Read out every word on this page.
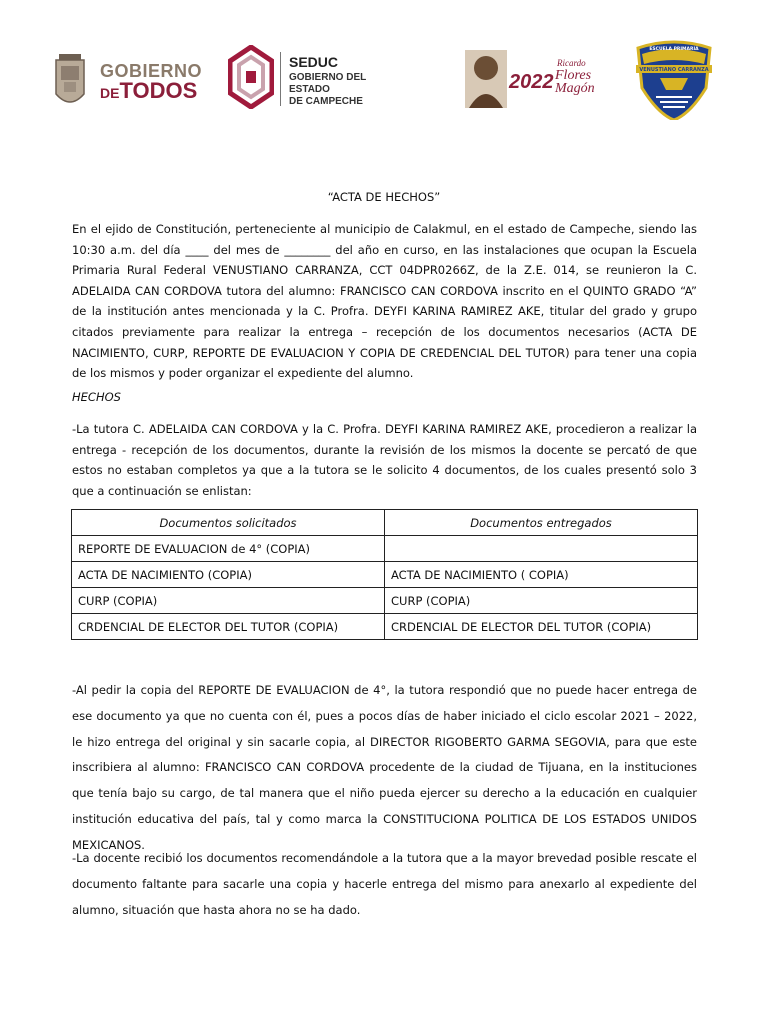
GOBIERNO
DETODOS
SEDUC
GOBIERNO DEL ESTADO
DE CAMPECHE
2022
Ricardo
Flores
Magón
ESCUELA PRIMARIA
VENUSTIANO CARRANZA
“ACTA DE HECHOS”

En el ejido de Constitución, perteneciente al municipio de Calakmul, en el estado de Campeche, siendo las 10:30 a.m. del día ____ del mes de ________ del año en curso, en las instalaciones que ocupan la Escuela Primaria Rural Federal VENUSTIANO CARRANZA, CCT 04DPR0266Z, de la Z.E. 014, se reunieron la C. ADELAIDA CAN CORDOVA tutora del alumno: FRANCISCO CAN CORDOVA inscrito en el QUINTO GRADO “A” de la institución antes mencionada y la C. Profra. DEYFI KARINA RAMIREZ AKE, titular del grado y grupo citados previamente para realizar la entrega – recepción de los documentos necesarios (ACTA DE NACIMIENTO, CURP, REPORTE DE EVALUACION Y COPIA DE CREDENCIAL DEL TUTOR) para tener una copia de los mismos y poder organizar el expediente del alumno.

HECHOS

-La tutora C. ADELAIDA CAN CORDOVA y la C. Profra. DEYFI KARINA RAMIREZ AKE, procedieron a realizar la entrega - recepción de los documentos, durante la revisión de los mismos la docente se percató de que estos no estaban completos ya que a la tutora se le solicito 4 documentos, de los cuales presentó solo 3 que a continuación se enlistan:

Documentos solicitados	Documentos entregados
REPORTE DE EVALUACION de 4° (COPIA)	
ACTA DE NACIMIENTO (COPIA)	ACTA DE NACIMIENTO ( COPIA)
CURP (COPIA)	CURP (COPIA)
CRDENCIAL DE ELECTOR DEL TUTOR (COPIA)	CRDENCIAL DE ELECTOR DEL TUTOR (COPIA)

-Al pedir la copia del REPORTE DE EVALUACION de 4°, la tutora respondió que no puede hacer entrega de ese documento ya que no cuenta con él, pues a pocos días de haber iniciado el ciclo escolar 2021 – 2022, le hizo entrega del original y sin sacarle copia, al DIRECTOR RIGOBERTO GARMA SEGOVIA, para que este inscribiera al alumno: FRANCISCO CAN CORDOVA procedente de la ciudad de Tijuana, en la instituciones que tenía bajo su cargo, de tal manera que el niño pueda ejercer su derecho a la educación en cualquier institución educativa del país, tal y como marca la CONSTITUCIONA POLITICA DE LOS ESTADOS UNIDOS MEXICANOS.

-La docente recibió los documentos recomendándole a la tutora que a la mayor brevedad posible rescate el documento faltante para sacarle una copia y hacerle entrega del mismo para anexarlo al expediente del alumno, situación que hasta ahora no se ha dado.
